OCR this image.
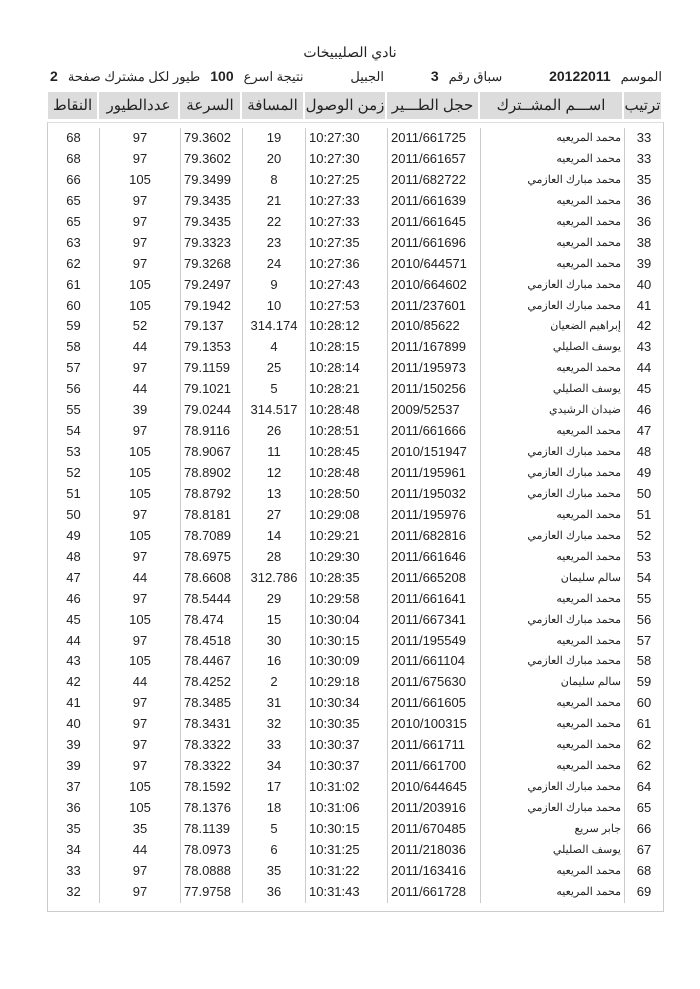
نادي الصليبيخات
الموسم
20122011
سباق رقم
3
الجبيل
نتيجة اسرع
100
طيور لكل مشترك صفحة
2
ترتيب
اســـم المشــترك
حجل الطـــير
زمن الوصول
المسافة
السرعة
عددالطيور
النقاط
33
محمد المريعيه
2011/661725
10:27:30
19
79.3602
97
68
33
محمد المريعيه
2011/661657
10:27:30
20
79.3602
97
68
35
محمد مبارك العازمي
2011/682722
10:27:25
8
79.3499
105
66
36
محمد المريعيه
2011/661639
10:27:33
21
79.3435
97
65
36
محمد المريعيه
2011/661645
10:27:33
22
79.3435
97
65
38
محمد المريعيه
2011/661696
10:27:35
23
79.3323
97
63
39
محمد المريعيه
2010/644571
10:27:36
24
79.3268
97
62
40
محمد مبارك العازمي
2010/664602
10:27:43
9
79.2497
105
61
41
محمد مبارك العازمي
2011/237601
10:27:53
10
79.1942
105
60
42
إبراهيم الضعيان
2010/85622
10:28:12
314.174
79.137
52
59
43
يوسف الصليلي
2011/167899
10:28:15
4
79.1353
44
58
44
محمد المريعيه
2011/195973
10:28:14
25
79.1159
97
57
45
يوسف الصليلي
2011/150256
10:28:21
5
79.1021
44
56
46
ضيدان الرشيدي
2009/52537
10:28:48
314.517
79.0244
39
55
47
محمد المريعيه
2011/661666
10:28:51
26
78.9116
97
54
48
محمد مبارك العازمي
2010/151947
10:28:45
11
78.9067
105
53
49
محمد مبارك العازمي
2011/195961
10:28:48
12
78.8902
105
52
50
محمد مبارك العازمي
2011/195032
10:28:50
13
78.8792
105
51
51
محمد المريعيه
2011/195976
10:29:08
27
78.8181
97
50
52
محمد مبارك العازمي
2011/682816
10:29:21
14
78.7089
105
49
53
محمد المريعيه
2011/661646
10:29:30
28
78.6975
97
48
54
سالم سليمان
2011/665208
10:28:35
312.786
78.6608
44
47
55
محمد المريعيه
2011/661641
10:29:58
29
78.5444
97
46
56
محمد مبارك العازمي
2011/667341
10:30:04
15
78.474
105
45
57
محمد المريعيه
2011/195549
10:30:15
30
78.4518
97
44
58
محمد مبارك العازمي
2011/661104
10:30:09
16
78.4467
105
43
59
سالم سليمان
2011/675630
10:29:18
2
78.4252
44
42
60
محمد المريعيه
2011/661605
10:30:34
31
78.3485
97
41
61
محمد المريعيه
2010/100315
10:30:35
32
78.3431
97
40
62
محمد المريعيه
2011/661711
10:30:37
33
78.3322
97
39
62
محمد المريعيه
2011/661700
10:30:37
34
78.3322
97
39
64
محمد مبارك العازمي
2010/644645
10:31:02
17
78.1592
105
37
65
محمد مبارك العازمي
2011/203916
10:31:06
18
78.1376
105
36
66
جابر سريع
2011/670485
10:30:15
5
78.1139
35
35
67
يوسف الصليلي
2011/218036
10:31:25
6
78.0973
44
34
68
محمد المريعيه
2011/163416
10:31:22
35
78.0888
97
33
69
محمد المريعيه
2011/661728
10:31:43
36
77.9758
97
32
